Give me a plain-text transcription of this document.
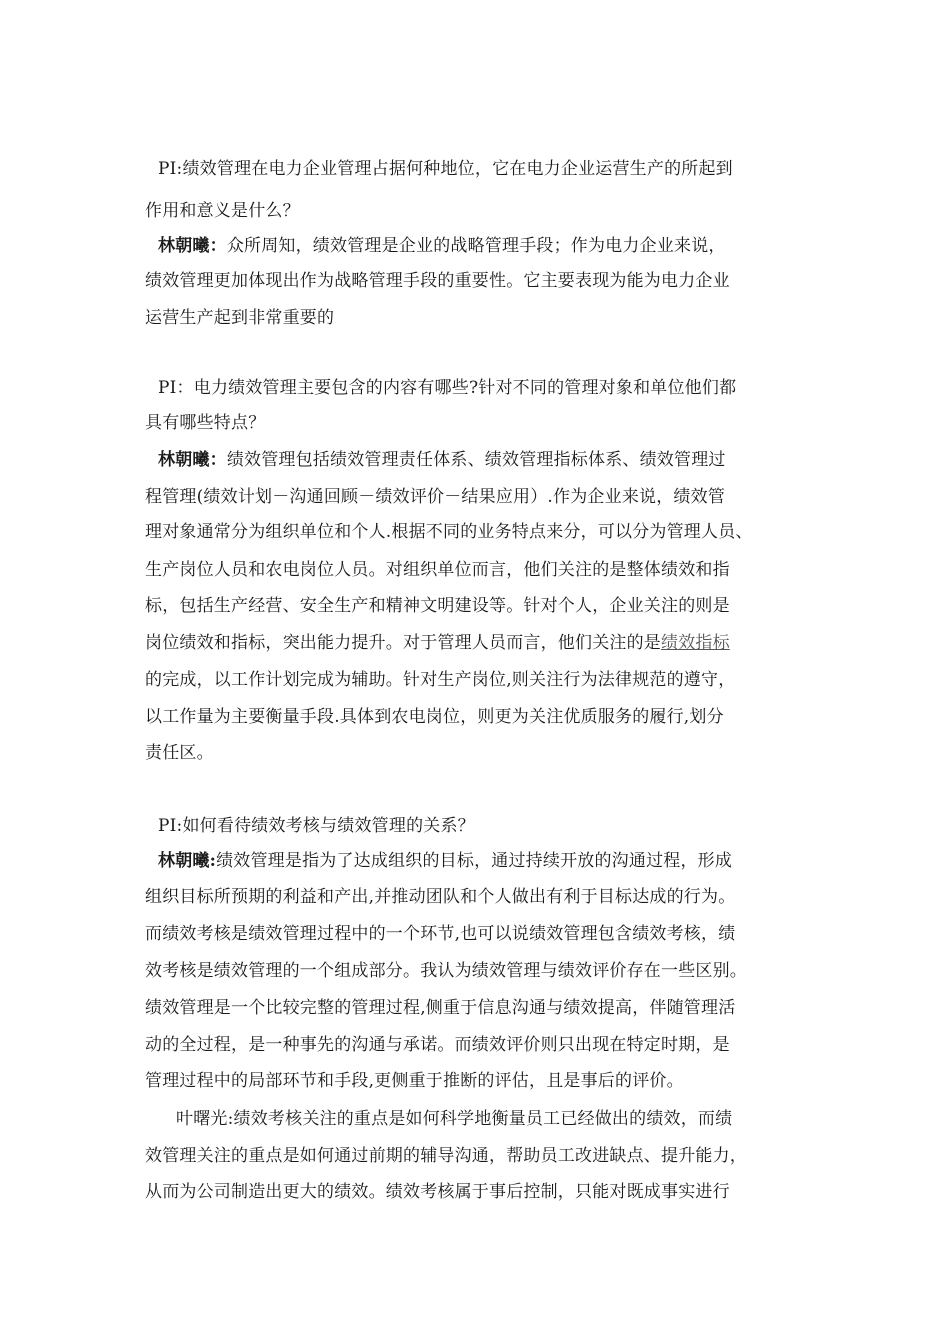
PI:绩效管理在电力企业管理占据何种地位，它在电力企业运营生产的所起到
作用和意义是什么？
林朝曦：众所周知，绩效管理是企业的战略管理手段；作为电力企业来说，
绩效管理更加体现出作为战略管理手段的重要性。它主要表现为能为电力企业
运营生产起到非常重要的
PI：电力绩效管理主要包含的内容有哪些?针对不同的管理对象和单位他们都
具有哪些特点？
林朝曦：绩效管理包括绩效管理责任体系、绩效管理指标体系、绩效管理过
程管理(绩效计划－沟通回顾－绩效评价－结果应用）.作为企业来说，绩效管
理对象通常分为组织单位和个人.根据不同的业务特点来分，可以分为管理人员、
生产岗位人员和农电岗位人员。对组织单位而言，他们关注的是整体绩效和指
标，包括生产经营、安全生产和精神文明建设等。针对个人，企业关注的则是
岗位绩效和指标，突出能力提升。对于管理人员而言，他们关注的是绩效指标
的完成，以工作计划完成为辅助。针对生产岗位,则关注行为法律规范的遵守，
以工作量为主要衡量手段.具体到农电岗位，则更为关注优质服务的履行,划分
责任区。
PI:如何看待绩效考核与绩效管理的关系？
林朝曦:绩效管理是指为了达成组织的目标，通过持续开放的沟通过程，形成
组织目标所预期的利益和产出,并推动团队和个人做出有利于目标达成的行为。
而绩效考核是绩效管理过程中的一个环节,也可以说绩效管理包含绩效考核，绩
效考核是绩效管理的一个组成部分。我认为绩效管理与绩效评价存在一些区别。
绩效管理是一个比较完整的管理过程,侧重于信息沟通与绩效提高，伴随管理活
动的全过程，是一种事先的沟通与承诺。而绩效评价则只出现在特定时期，是
管理过程中的局部环节和手段,更侧重于推断的评估，且是事后的评价。
叶曙光:绩效考核关注的重点是如何科学地衡量员工已经做出的绩效，而绩
效管理关注的重点是如何通过前期的辅导沟通，帮助员工改进缺点、提升能力，
从而为公司制造出更大的绩效。绩效考核属于事后控制，只能对既成事实进行
